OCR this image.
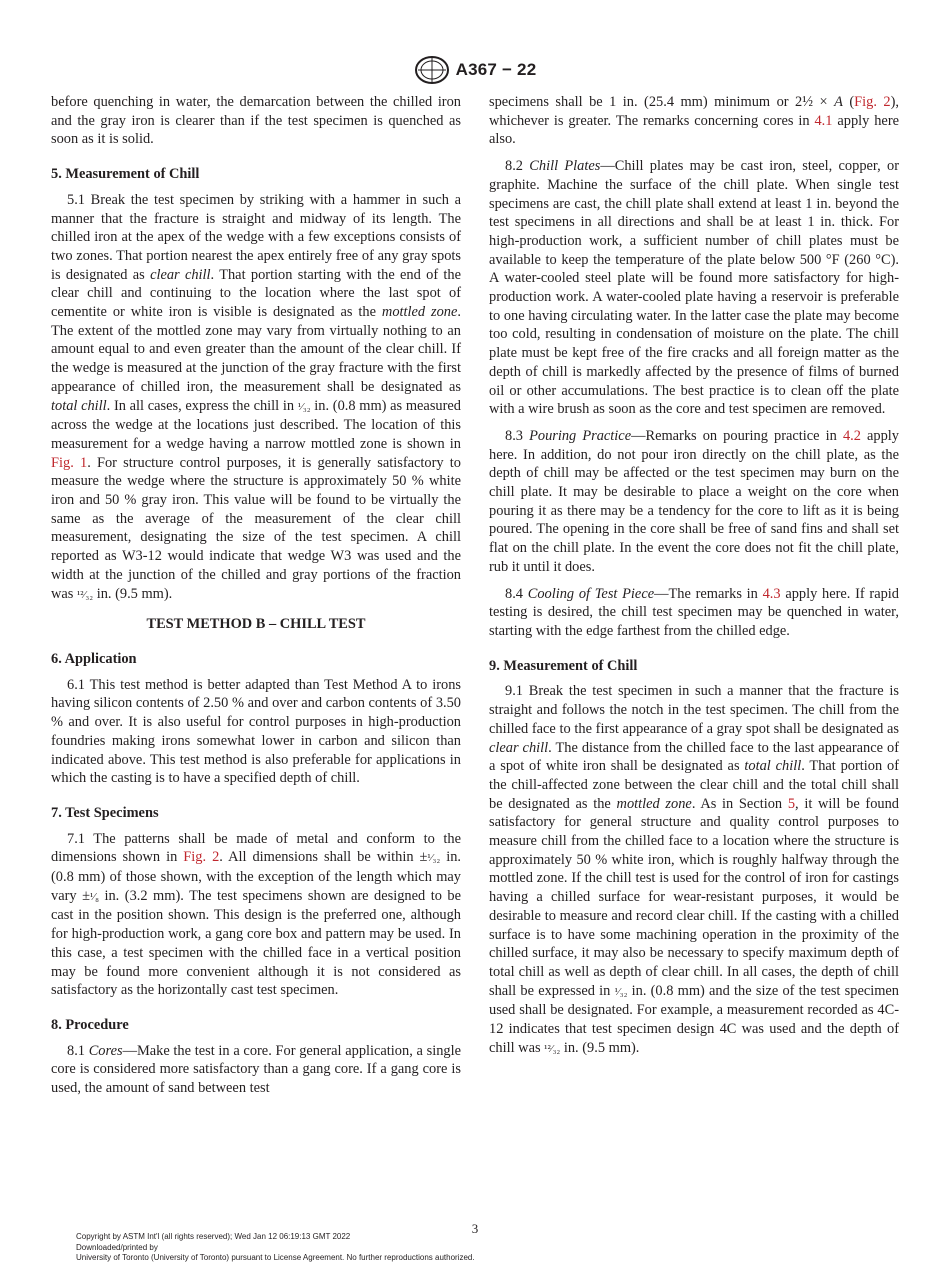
A367 − 22

before quenching in water, the demarcation between the chilled iron and the gray iron is clearer than if the test specimen is quenched as soon as it is solid.

5. Measurement of Chill

5.1 Break the test specimen by striking with a hammer in such a manner that the fracture is straight and midway of its length. The chilled iron at the apex of the wedge with a few exceptions consists of two zones. That portion nearest the apex entirely free of any gray spots is designated as clear chill. That portion starting with the end of the clear chill and continuing to the location where the last spot of cementite or white iron is visible is designated as the mottled zone. The extent of the mottled zone may vary from virtually nothing to an amount equal to and even greater than the amount of the clear chill. If the wedge is measured at the junction of the gray fracture with the first appearance of chilled iron, the measurement shall be designated as total chill. In all cases, express the chill in ¹⁄₃₂ in. (0.8 mm) as measured across the wedge at the locations just described. The location of this measurement for a wedge having a narrow mottled zone is shown in Fig. 1. For structure control purposes, it is generally satisfactory to measure the wedge where the structure is approximately 50 % white iron and 50 % gray iron. This value will be found to be virtually the same as the average of the measurement of the clear chill measurement, designating the size of the test specimen. A chill reported as W3-12 would indicate that wedge W3 was used and the width at the junction of the chilled and gray portions of the fraction was ¹²⁄₃₂ in. (9.5 mm).

TEST METHOD B – CHILL TEST
6. Application

6.1 This test method is better adapted than Test Method A to irons having silicon contents of 2.50 % and over and carbon contents of 3.50 % and over. It is also useful for control purposes in high-production foundries making irons somewhat lower in carbon and silicon than indicated above. This test method is also preferable for applications in which the casting is to have a specified depth of chill.

7. Test Specimens

7.1 The patterns shall be made of metal and conform to the dimensions shown in Fig. 2. All dimensions shall be within ±¹⁄₃₂ in. (0.8 mm) of those shown, with the exception of the length which may vary ±¹⁄₈ in. (3.2 mm). The test specimens shown are designed to be cast in the position shown. This design is the preferred one, although for high-production work, a gang core box and pattern may be used. In this case, a test specimen with the chilled face in a vertical position may be found more convenient although it is not considered as satisfactory as the horizontally cast test specimen.

8. Procedure

8.1 Cores—Make the test in a core. For general application, a single core is considered more satisfactory than a gang core. If a gang core is used, the amount of sand between test

specimens shall be 1 in. (25.4 mm) minimum or 2½ × A (Fig. 2), whichever is greater. The remarks concerning cores in 4.1 apply here also.

8.2 Chill Plates—Chill plates may be cast iron, steel, copper, or graphite. Machine the surface of the chill plate. When single test specimens are cast, the chill plate shall extend at least 1 in. beyond the test specimens in all directions and shall be at least 1 in. thick. For high-production work, a sufficient number of chill plates must be available to keep the temperature of the plate below 500 °F (260 °C). A water-cooled steel plate will be found more satisfactory for high-production work. A water-cooled plate having a reservoir is preferable to one having circulating water. In the latter case the plate may become too cold, resulting in condensation of moisture on the plate. The chill plate must be kept free of the fire cracks and all foreign matter as the depth of chill is markedly affected by the presence of films of burned oil or other accumulations. The best practice is to clean off the plate with a wire brush as soon as the core and test specimen are removed.

8.3 Pouring Practice—Remarks on pouring practice in 4.2 apply here. In addition, do not pour iron directly on the chill plate, as the depth of chill may be affected or the test specimen may burn on the chill plate. It may be desirable to place a weight on the core when pouring it as there may be a tendency for the core to lift as it is being poured. The opening in the core shall be free of sand fins and shall set flat on the chill plate. In the event the core does not fit the chill plate, rub it until it does.

8.4 Cooling of Test Piece—The remarks in 4.3 apply here. If rapid testing is desired, the chill test specimen may be quenched in water, starting with the edge farthest from the chilled edge.

9. Measurement of Chill

9.1 Break the test specimen in such a manner that the fracture is straight and follows the notch in the test specimen. The chill from the chilled face to the first appearance of a gray spot shall be designated as clear chill. The distance from the chilled face to the last appearance of a spot of white iron shall be designated as total chill. That portion of the chill-affected zone between the clear chill and the total chill shall be designated as the mottled zone. As in Section 5, it will be found satisfactory for general structure and quality control purposes to measure chill from the chilled face to a location where the structure is approximately 50 % white iron, which is roughly halfway through the mottled zone. If the chill test is used for the control of iron for castings having a chilled surface for wear-resistant purposes, it would be desirable to measure and record clear chill. If the casting with a chilled surface is to have some machining operation in the proximity of the chilled surface, it may also be necessary to specify maximum depth of total chill as well as depth of clear chill. In all cases, the depth of chill shall be expressed in ¹⁄₃₂ in. (0.8 mm) and the size of the test specimen used shall be designated. For example, a measurement recorded as 4C-12 indicates that test specimen design 4C was used and the depth of chill was ¹²⁄₃₂ in. (9.5 mm).

3
Copyright by ASTM Int'l (all rights reserved); Wed Jan 12 06:19:13 GMT 2022
Downloaded/printed by
University of Toronto (University of Toronto) pursuant to License Agreement. No further reproductions authorized.
